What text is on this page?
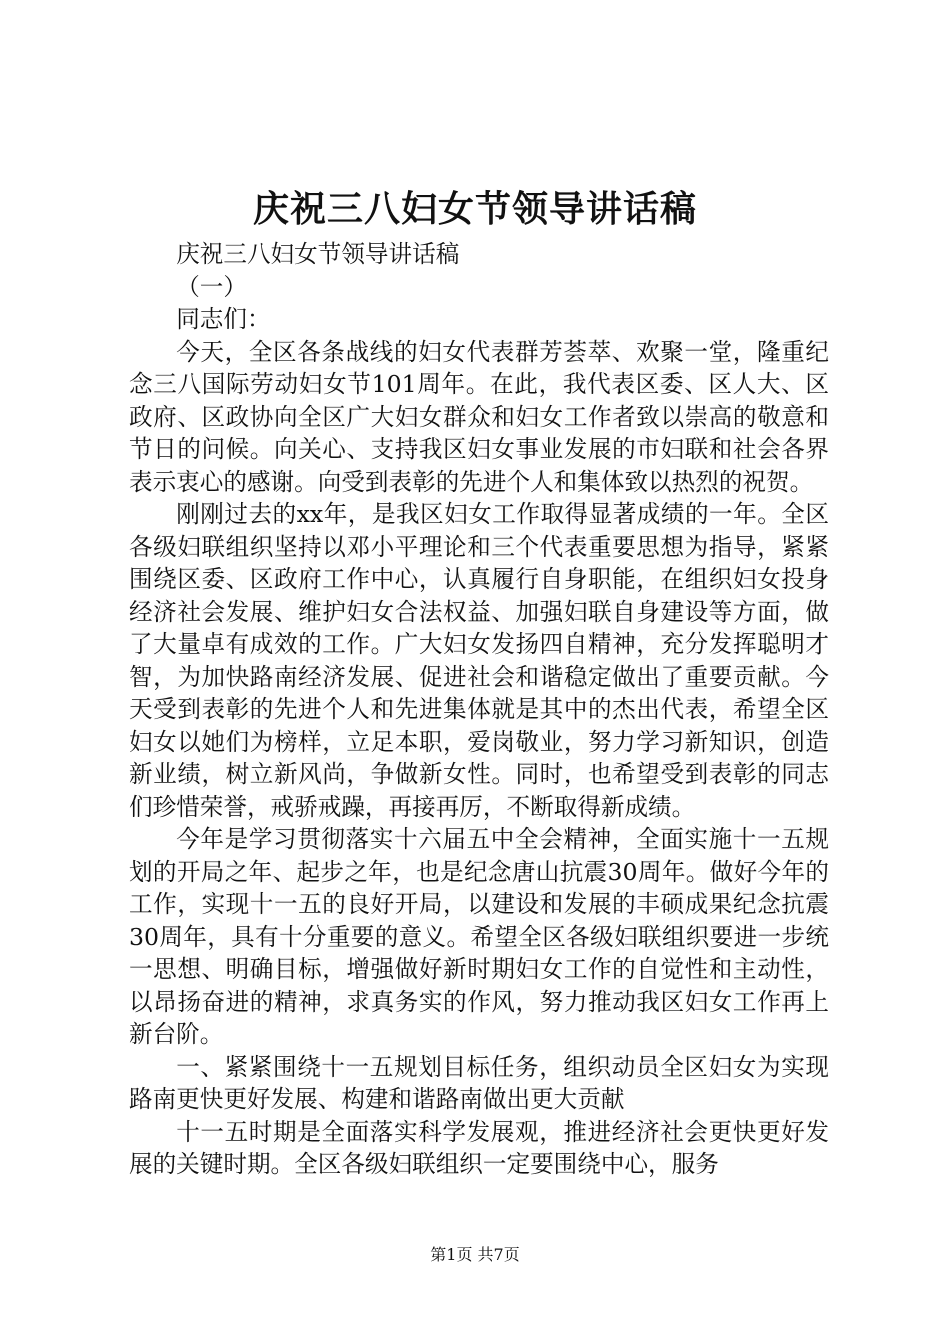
庆祝三八妇女节领导讲话稿

庆祝三八妇女节领导讲话稿

（一）

同志们：

今天，全区各条战线的妇女代表群芳荟萃、欢聚一堂，隆重纪念三八国际劳动妇女节101周年。在此，我代表区委、区人大、区政府、区政协向全区广大妇女群众和妇女工作者致以崇高的敬意和节日的问候。向关心、支持我区妇女事业发展的市妇联和社会各界表示衷心的感谢。向受到表彰的先进个人和集体致以热烈的祝贺。

刚刚过去的xx年，是我区妇女工作取得显著成绩的一年。全区各级妇联组织坚持以邓小平理论和三个代表重要思想为指导，紧紧围绕区委、区政府工作中心，认真履行自身职能，在组织妇女投身经济社会发展、维护妇女合法权益、加强妇联自身建设等方面，做了大量卓有成效的工作。广大妇女发扬四自精神，充分发挥聪明才智，为加快路南经济发展、促进社会和谐稳定做出了重要贡献。今天受到表彰的先进个人和先进集体就是其中的杰出代表，希望全区妇女以她们为榜样，立足本职，爱岗敬业，努力学习新知识，创造新业绩，树立新风尚，争做新女性。同时，也希望受到表彰的同志们珍惜荣誉，戒骄戒躁，再接再厉，不断取得新成绩。

今年是学习贯彻落实十六届五中全会精神，全面实施十一五规划的开局之年、起步之年，也是纪念唐山抗震30周年。做好今年的工作，实现十一五的良好开局，以建设和发展的丰硕成果纪念抗震30周年，具有十分重要的意义。希望全区各级妇联组织要进一步统一思想、明确目标，增强做好新时期妇女工作的自觉性和主动性，以昂扬奋进的精神，求真务实的作风，努力推动我区妇女工作再上新台阶。

一、紧紧围绕十一五规划目标任务，组织动员全区妇女为实现路南更快更好发展、构建和谐路南做出更大贡献

十一五时期是全面落实科学发展观，推进经济社会更快更好发展的关键时期。全区各级妇联组织一定要围绕中心，服务

第1页 共7页
